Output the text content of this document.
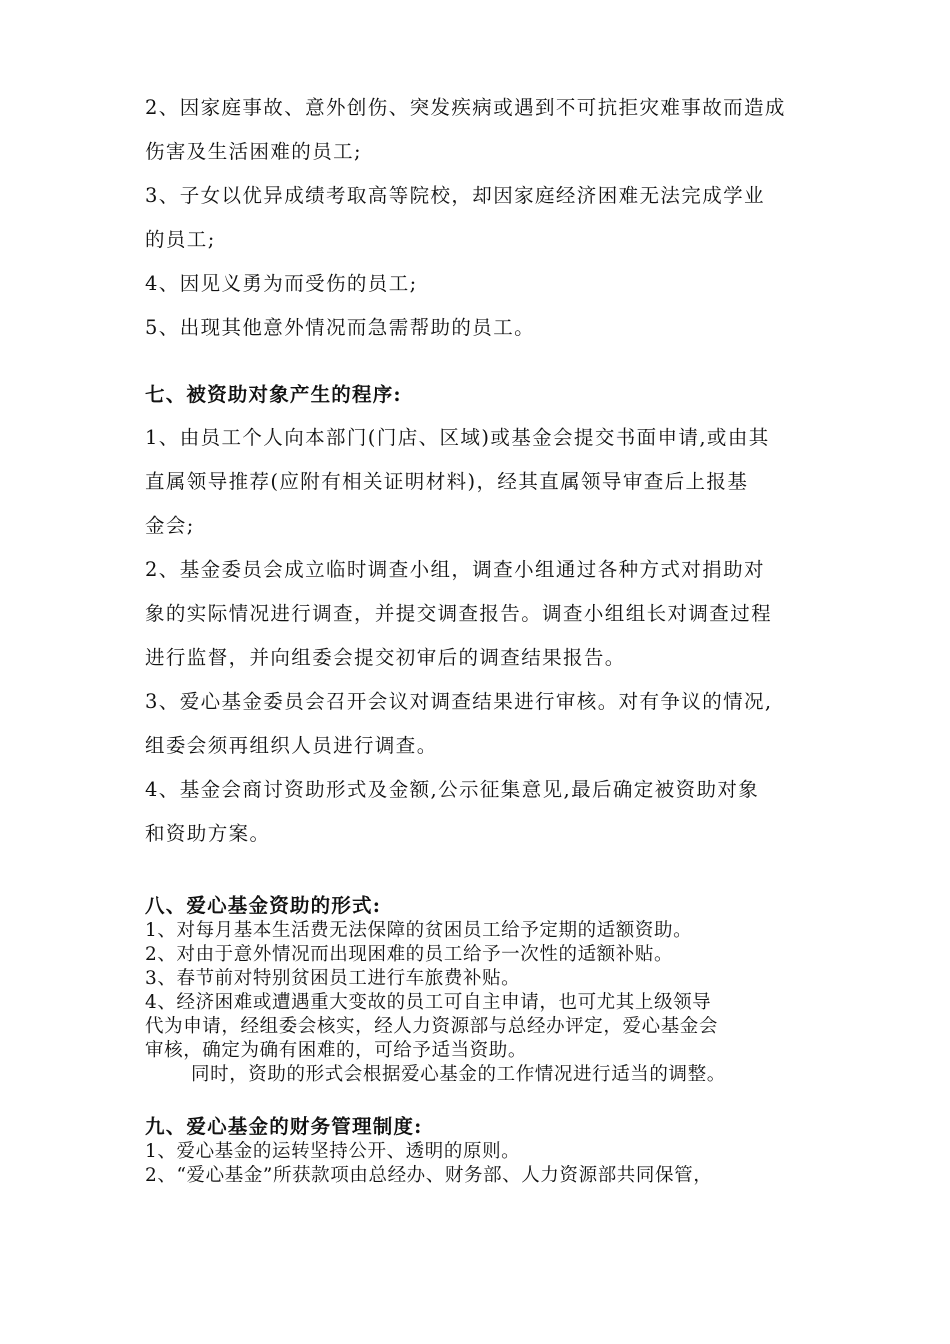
2、因家庭事故、意外创伤、突发疾病或遇到不可抗拒灾难事故而造成
伤害及生活困难的员工;
3、子女以优异成绩考取高等院校，却因家庭经济困难无法完成学业
的员工;
4、因见义勇为而受伤的员工;
5、出现其他意外情况而急需帮助的员工。
七、被资助对象产生的程序:
1、由员工个人向本部门(门店、区域)或基金会提交书面申请,或由其
直属领导推荐(应附有相关证明材料)，经其直属领导审查后上报基
金会;
2、基金委员会成立临时调查小组，调查小组通过各种方式对捐助对
象的实际情况进行调查，并提交调查报告。调查小组组长对调查过程
进行监督，并向组委会提交初审后的调查结果报告。
3、爱心基金委员会召开会议对调查结果进行审核。对有争议的情况,
组委会须再组织人员进行调查。
4、基金会商讨资助形式及金额,公示征集意见,最后确定被资助对象
和资助方案。
八、爱心基金资助的形式:
1、对每月基本生活费无法保障的贫困员工给予定期的适额资助。
2、对由于意外情况而出现困难的员工给予一次性的适额补贴。
3、春节前对特别贫困员工进行车旅费补贴。
4、经济困难或遭遇重大变故的员工可自主申请，也可尤其上级领导
代为申请，经组委会核实，经人力资源部与总经办评定，爱心基金会
审核，确定为确有困难的，可给予适当资助。
同时，资助的形式会根据爱心基金的工作情况进行适当的调整。
九、爱心基金的财务管理制度:
1、爱心基金的运转坚持公开、透明的原则。
2、“爱心基金”所获款项由总经办、财务部、人力资源部共同保管，
